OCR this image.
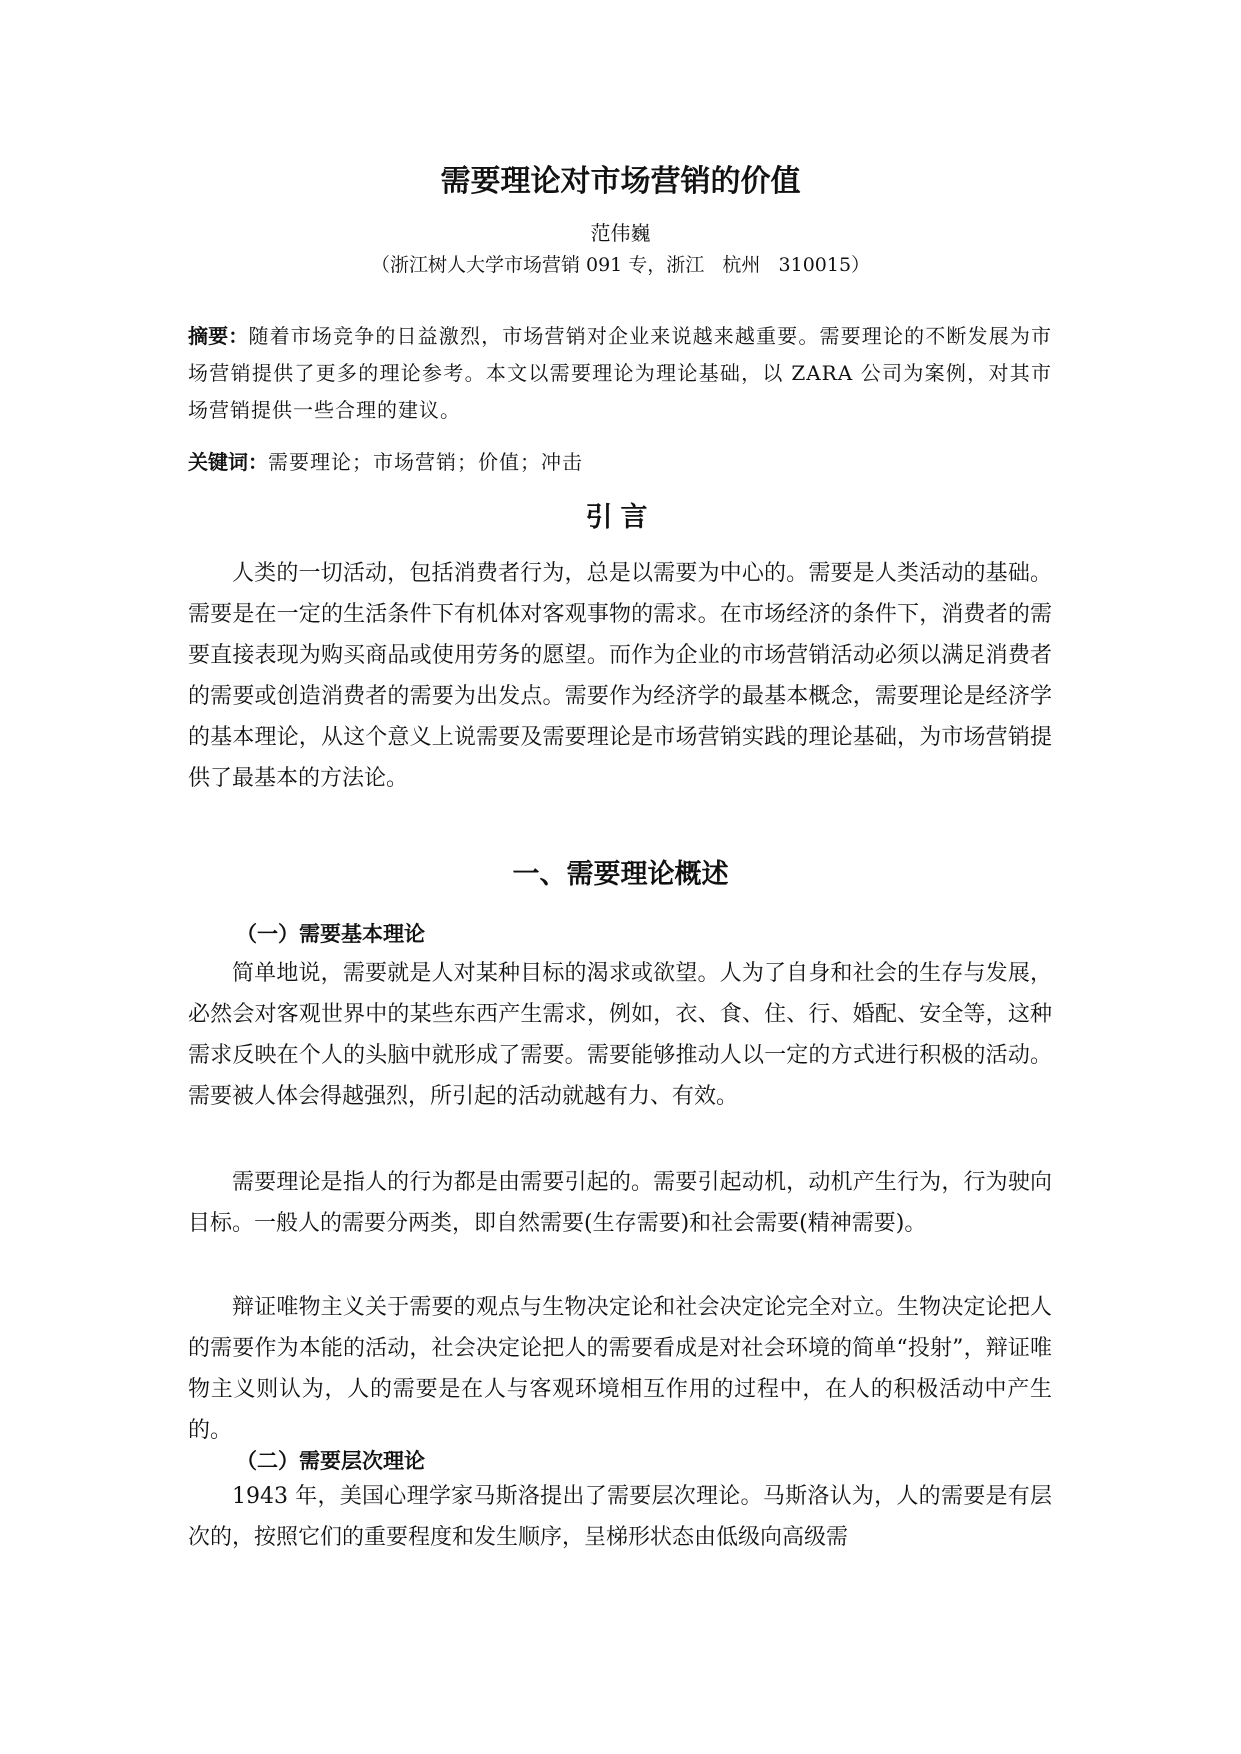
需要理论对市场营销的价值
范伟巍
（浙江树人大学市场营销 091 专，浙江   杭州   310015）

摘要：随着市场竞争的日益激烈，市场营销对企业来说越来越重要。需要理论的不断发展为市场营销提供了更多的理论参考。本文以需要理论为理论基础，以 ZARA 公司为案例，对其市场营销提供一些合理的建议。

关键词：需要理论；市场营销；价值；冲击

引言

人类的一切活动，包括消费者行为，总是以需要为中心的。需要是人类活动的基础。需要是在一定的生活条件下有机体对客观事物的需求。在市场经济的条件下，消费者的需要直接表现为购买商品或使用劳务的愿望。而作为企业的市场营销活动必须以满足消费者的需要或创造消费者的需要为出发点。需要作为经济学的最基本概念，需要理论是经济学的基本理论，从这个意义上说需要及需要理论是市场营销实践的理论基础，为市场营销提供了最基本的方法论。

一、需要理论概述
（一）需要基本理论

简单地说，需要就是人对某种目标的渴求或欲望。人为了自身和社会的生存与发展，必然会对客观世界中的某些东西产生需求，例如，衣、食、住、行、婚配、安全等，这种需求反映在个人的头脑中就形成了需要。需要能够推动人以一定的方式进行积极的活动。需要被人体会得越强烈，所引起的活动就越有力、有效。

需要理论是指人的行为都是由需要引起的。需要引起动机，动机产生行为，行为驶向目标。一般人的需要分两类，即自然需要(生存需要)和社会需要(精神需要)。

辩证唯物主义关于需要的观点与生物决定论和社会决定论完全对立。生物决定论把人的需要作为本能的活动，社会决定论把人的需要看成是对社会环境的简单“投射”，辩证唯物主义则认为，人的需要是在人与客观环境相互作用的过程中，在人的积极活动中产生的。

（二）需要层次理论

1943 年，美国心理学家马斯洛提出了需要层次理论。马斯洛认为，人的需要是有层次的，按照它们的重要程度和发生顺序，呈梯形状态由低级向高级需
